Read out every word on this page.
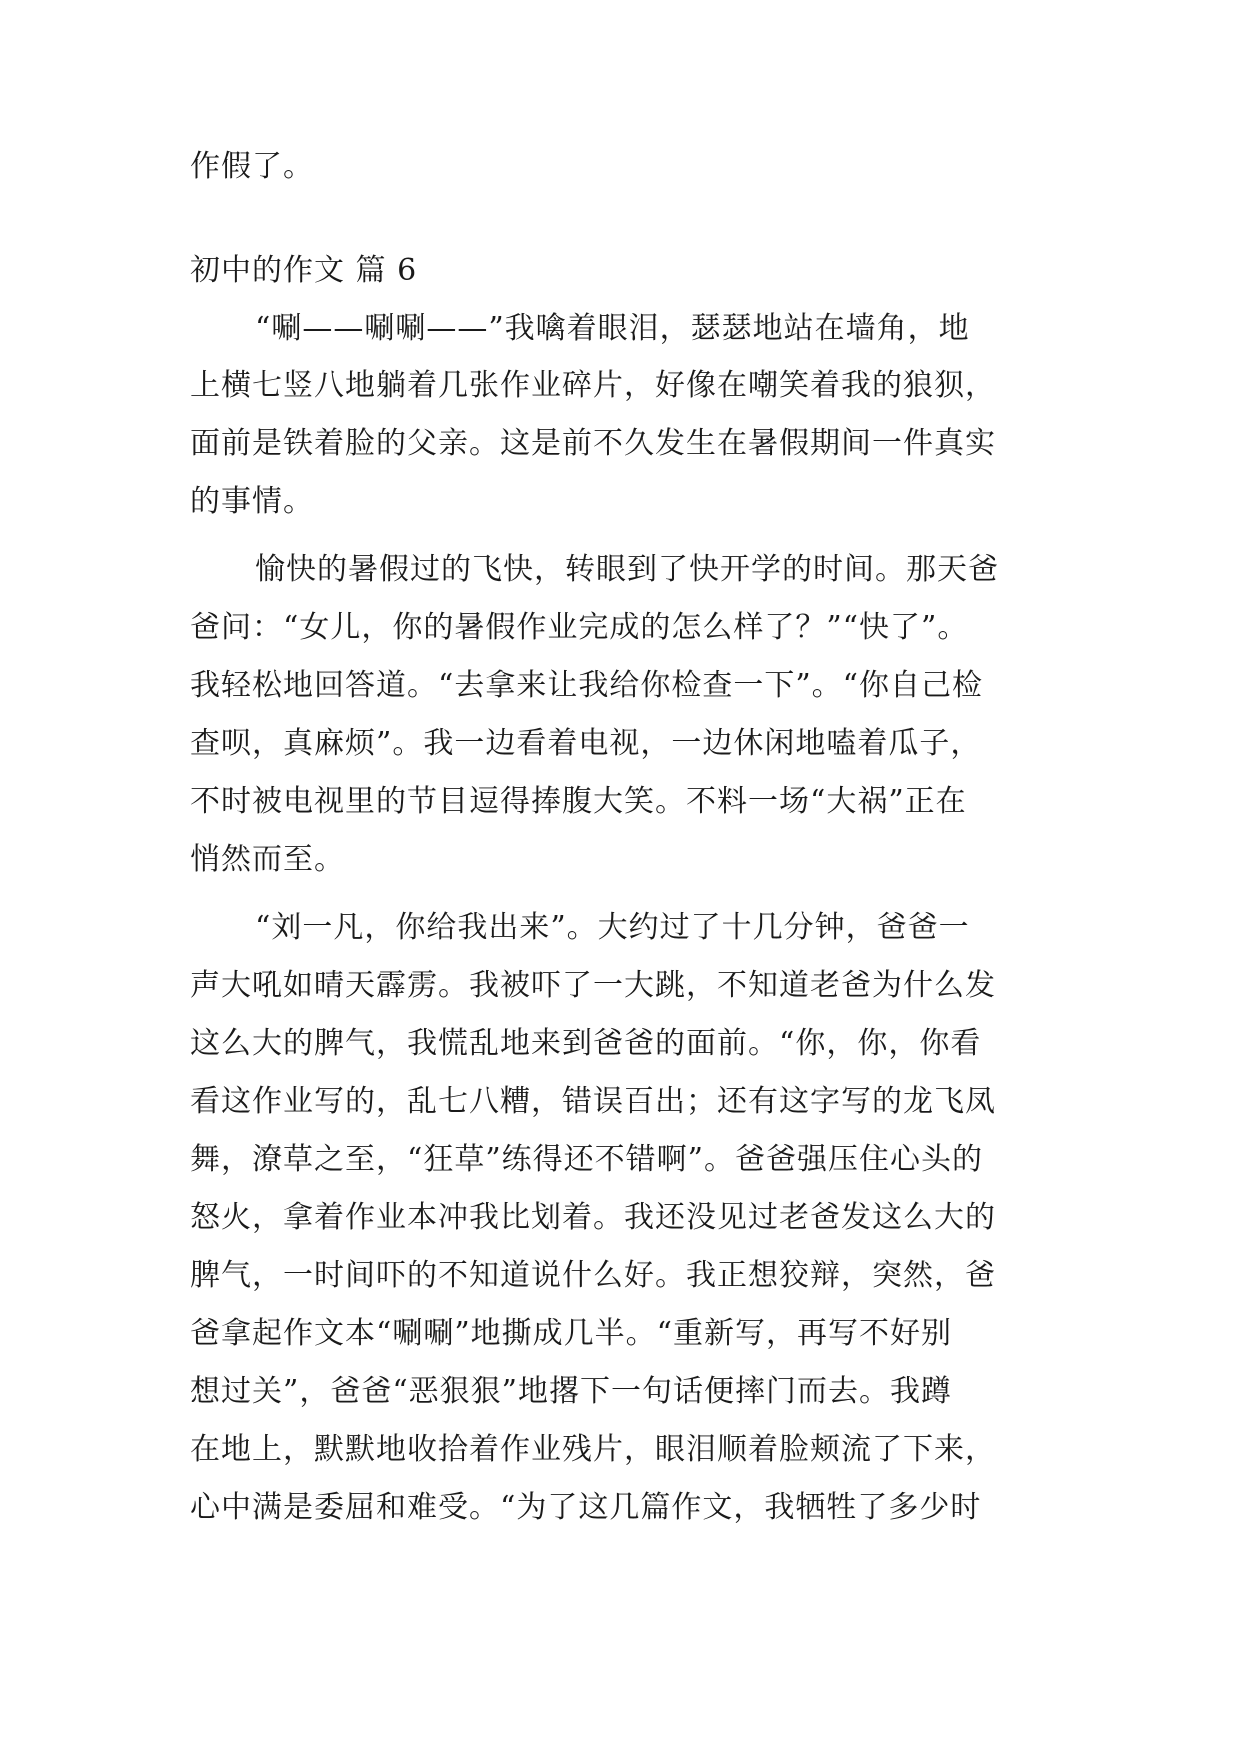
作假了。
初中的作文 篇 6
“唰——唰唰——”我噙着眼泪，瑟瑟地站在墙角，地
上横七竖八地躺着几张作业碎片，好像在嘲笑着我的狼狈，
面前是铁着脸的父亲。这是前不久发生在暑假期间一件真实
的事情。
愉快的暑假过的飞快，转眼到了快开学的时间。那天爸
爸问：“女儿，你的暑假作业完成的怎么样了？”“快了”。
我轻松地回答道。“去拿来让我给你检查一下”。“你自己检
查呗，真麻烦”。我一边看着电视，一边休闲地嗑着瓜子，
不时被电视里的节目逗得捧腹大笑。不料一场“大祸”正在
悄然而至。
“刘一凡，你给我出来”。大约过了十几分钟，爸爸一
声大吼如晴天霹雳。我被吓了一大跳，不知道老爸为什么发
这么大的脾气，我慌乱地来到爸爸的面前。“你，你，你看
看这作业写的，乱七八糟，错误百出；还有这字写的龙飞凤
舞，潦草之至，“狂草”练得还不错啊”。爸爸强压住心头的
怒火，拿着作业本冲我比划着。我还没见过老爸发这么大的
脾气，一时间吓的不知道说什么好。我正想狡辩，突然，爸
爸拿起作文本“唰唰”地撕成几半。“重新写，再写不好别
想过关”，爸爸“恶狠狠”地撂下一句话便摔门而去。我蹲
在地上，默默地收拾着作业残片，眼泪顺着脸颊流了下来，
心中满是委屈和难受。“为了这几篇作文，我牺牲了多少时
